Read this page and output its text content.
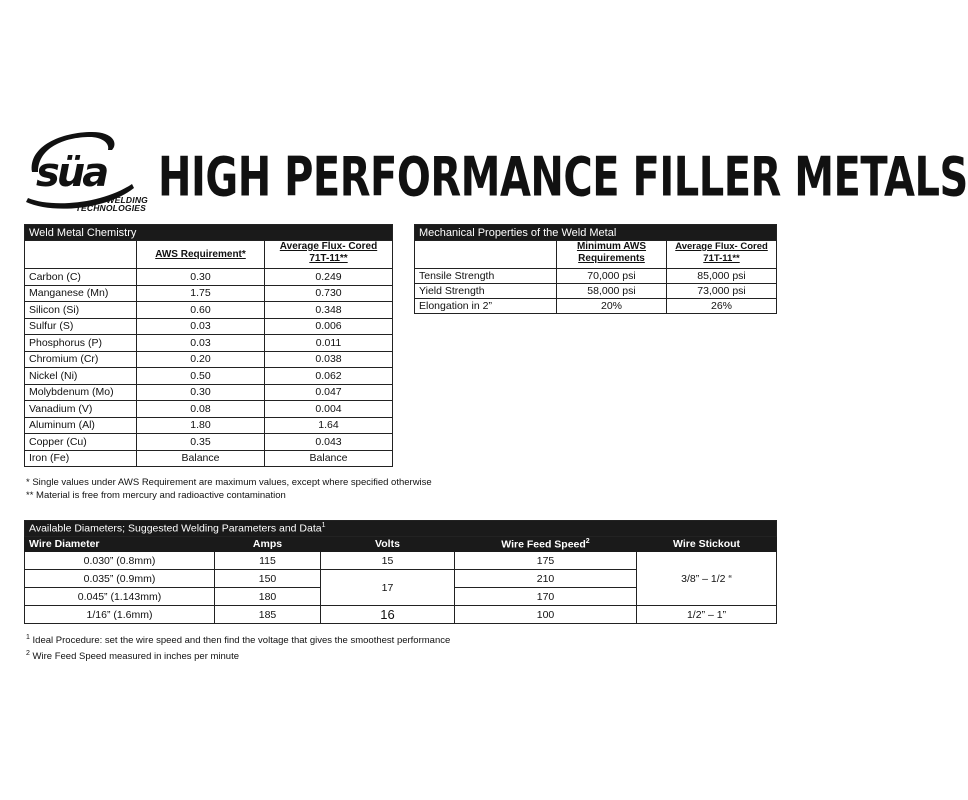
süa
WELDING
TECHNOLOGIES HIGH PERFORMANCE FILLER METALS
Weld Metal Chemistry		
	AWS Requirement*	Average Flux- Cored 71T-11**
Carbon (C)	0.30	0.249
Manganese (Mn)	1.75	0.730
Silicon (Si)	0.60	0.348
Sulfur (S)	0.03	0.006
Phosphorus (P)	0.03	0.011
Chromium (Cr)	0.20	0.038
Nickel (Ni)	0.50	0.062
Molybdenum (Mo)	0.30	0.047
Vanadium (V)	0.08	0.004
Aluminum (Al)	1.80	1.64
Copper (Cu)	0.35	0.043
Iron (Fe)	Balance	Balance
* Single values under AWS Requirement are maximum values, except where specified otherwise
** Material is free from mercury and radioactive contamination
Mechanical Properties of the Weld Metal		
	Minimum AWS Requirements	Average Flux- Cored 71T-11**
Tensile Strength	70,000 psi	85,000 psi
Yield Strength	58,000 psi	73,000 psi
Elongation in 2”	20%	26%
Available Diameters; Suggested Welding Parameters and Data$^1$
Wire Diameter	Amps	Volts	Wire Feed Speed$^2$	Wire Stickout
0.030” (0.8mm)	115	15	175	3/8” – 1/2 “
0.035” (0.9mm)	150	17	210	
0.045” (1.143mm)	180		170	
1/16” (1.6mm)	185	16	100	1/2” – 1”
$^1$ Ideal Procedure: set the wire speed and then find the voltage that gives the smoothest performance
$^2$ Wire Feed Speed measured in inches per minute
